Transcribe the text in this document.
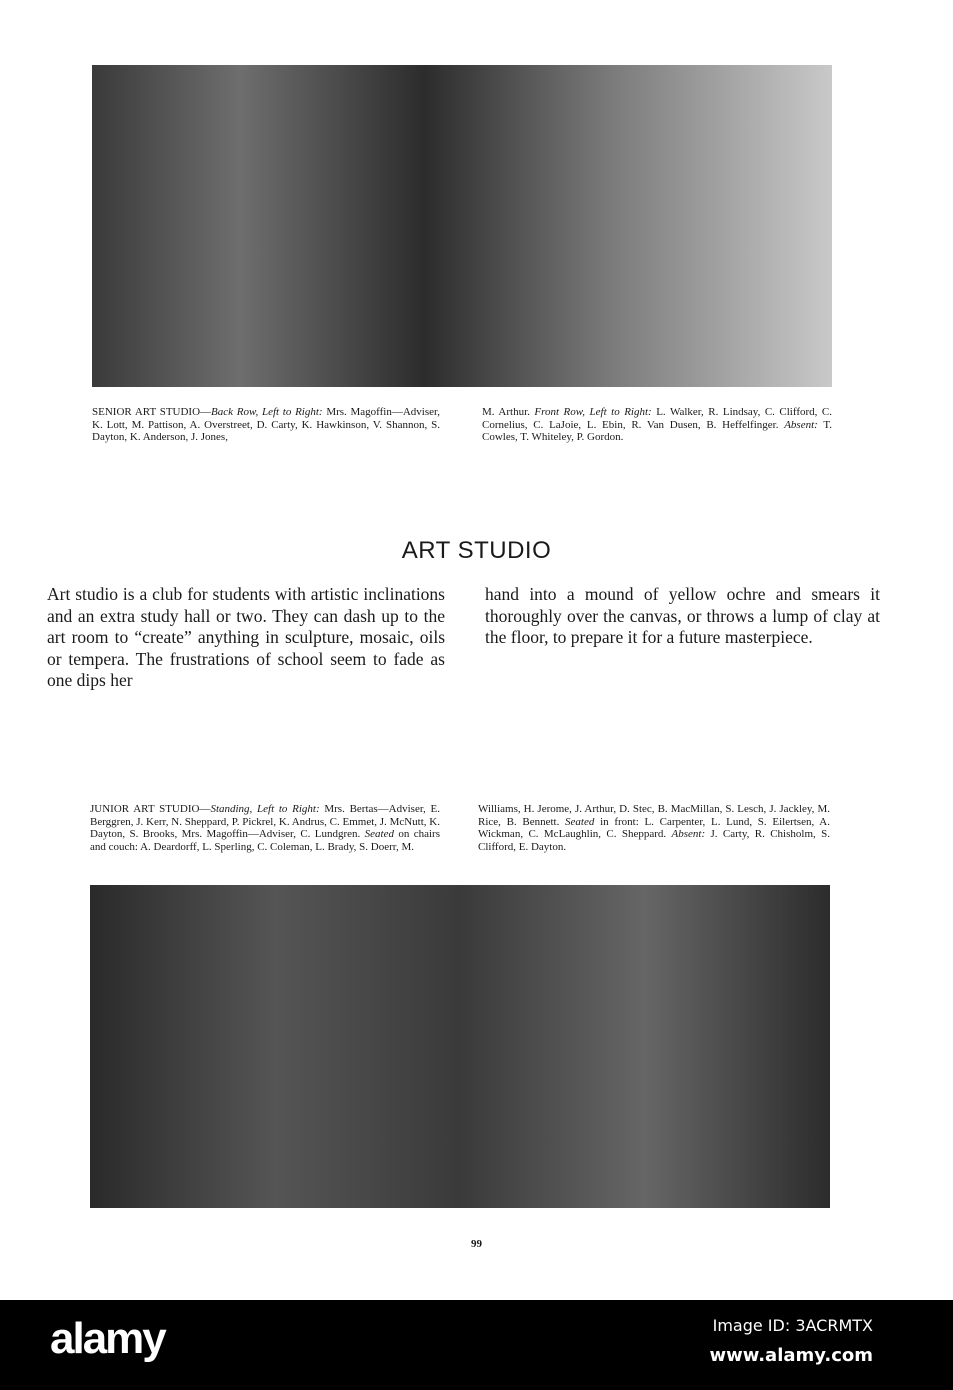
SENIOR ART STUDIO—Back Row, Left to Right: Mrs. Magoffin—Adviser, K. Lott, M. Pattison, A. Overstreet, D. Carty, K. Hawkinson, V. Shannon, S. Dayton, K. Anderson, J. Jones,
M. Arthur. Front Row, Left to Right: L. Walker, R. Lindsay, C. Clifford, C. Cornelius, C. LaJoie, L. Ebin, R. Van Dusen, B. Heffelfinger. Absent: T. Cowles, T. Whiteley, P. Gordon.
ART STUDIO
Art studio is a club for students with artistic inclinations and an extra study hall or two. They can dash up to the art room to “create” anything in sculpture, mosaic, oils or tempera. The frustrations of school seem to fade as one dips her
hand into a mound of yellow ochre and smears it thoroughly over the canvas, or throws a lump of clay at the floor, to prepare it for a future masterpiece.
JUNIOR ART STUDIO—Standing, Left to Right: Mrs. Bertas—Adviser, E. Berggren, J. Kerr, N. Sheppard, P. Pickrel, K. Andrus, C. Emmet, J. McNutt, K. Dayton, S. Brooks, Mrs. Magoffin—Adviser, C. Lundgren. Seated on chairs and couch: A. Deardorff, L. Sperling, C. Coleman, L. Brady, S. Doerr, M.
Williams, H. Jerome, J. Arthur, D. Stec, B. MacMillan, S. Lesch, J. Jackley, M. Rice, B. Bennett. Seated in front: L. Carpenter, L. Lund, S. Eilertsen, A. Wickman, C. McLaughlin, C. Sheppard. Absent: J. Carty, R. Chisholm, S. Clifford, E. Dayton.
99
alamy	Image ID: 3ACRMTX
www.alamy.com
